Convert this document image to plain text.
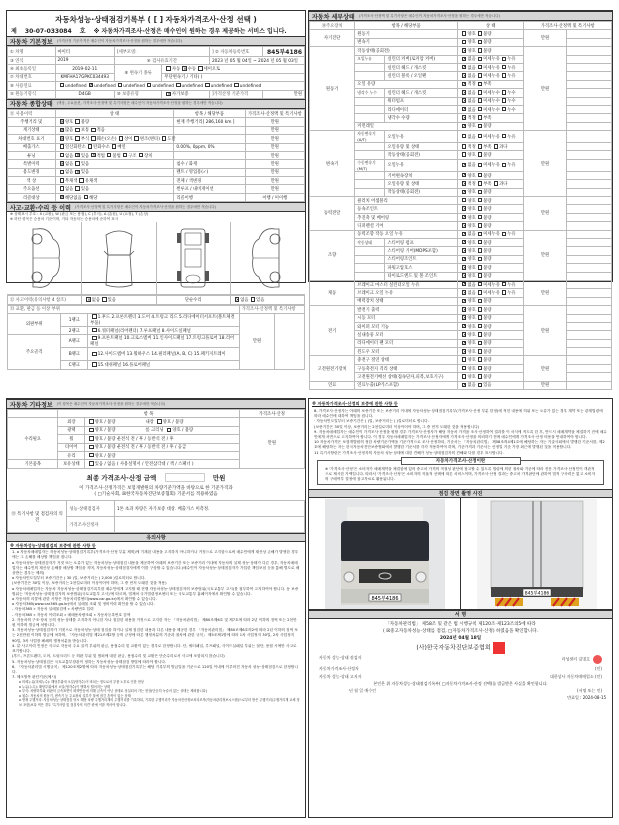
자동차성능·상태점검기록부 ( [ ] 자동차가격조사·산정 선택 )
제 30-07-033084 호 ※ 자동차가격조사·산정은 매수인이 원하는 경우 제공하는 서비스 입니다.
자동차 기본정보 (가격산정 기준가격은 매수인이 자동차가격조사·산정을 원하는 경우에만 적습니다)
① 차명	마이티	[세부모델:		] ② 자동차등록번호	845부4186
③ 연식	2019	⑥ 검사유효기간		2023 년 05 월 04일 ~ 2024 년 05 월 03일	
④ 최초등록일	2019-02-11	⑧ 변속기 종류	자동 ✕ 수동 세미오토
⑦ 차대번호	KMFHA17GPKC034493		무단변속기 / 기타( )		
⑨ 사용연료	undefined ✕ undefined undefined undefined undefined undefined undefined
⑤ 원동기형식	D4GB	⑩ 보증유형	✕자가보증	]가격산정 기준가격	만원
자동차 종합상태 (색상, 주요옵션, 가격조사·산정액 및 특기사항은 매수인이 자동차가격조사·산정을 원하는 경우에만 적습니다)
⑪ 사용이력	상 태	항목 / 해당부품	가격조사·산정액 및 특기사항
주행거리 및	✕양호 불량	현재 주행거리[ 286,160 km ]	만원
계기상태	✕많음 보통 적음		만원
차대번호 표기	✕양호 부식 훼손(오손) 상이 변조(변타) 도말		만원
배출가스	일산화탄소 탄화수소 매연	0.00%, 0ppm, 0%	만원
튜닝	없음 ✕ 있음 ✕ 적법 불법 구조 장치		만원
특별이력	✕없음 있음	침수 / 화재	만원
용도변경	없음 ✕ 있음	렌트 / 영업용(✓)	만원
색 상	무채색 유채색	전체 / 색변경	만원
주요옵션	없음 있음	썬루프 / 내비게이션	만원
리콜대상	✕해당없음 해당	리콜이행	이행 / 미이행
사고·교환·수리 등 이력 (가격조사·산정액 및 특기사항은 매수인이 자동차가격조사·산정을 원하는 경우에만 적습니다)
※ 상태표시 부호 : X (교환), W (판금 또는 용접), C (부식), A (흠집), U (요철), T (손상)
※ 하단 항목은 승용차 기준이며, 기타 자동차는 승용차에 준하여 표시
⑫ 사고이력(유의사항 4 참조)	✕없음 있음	단순수리	✕없음 있음
⑬ 교환, 판금 등 이상 부위			가격조사·산정액 및 특기사항	
외판부위	1랭크	1.후드 2.프론트펜더 3.도어 4.트렁크 리드 5.라디에이터서포트(볼트체결부품)	만원	
	2랭크	6.쿼터패널(리어펜더) 7.루프패널 8.사이드실패널		
주요골격	A랭크	9.프론트패널 10.크로스멤버 11.인사이드패널 17.트렁크플로어 18.리어패널		
	B랭크	12.사이드멤버 13.휠하우스 14.필러패널(A, B, C) 15.패키지트레이		
	C랭크	15.대쉬패널 16.플로어패널		
자동차 세부상태 (가격조사·산정액 및 특기사항은 매수인이 자동차가격조사·산정을 원하는 경우에만 적습니다)
⑭주요장치	항목 / 해당부품		상 태	가격조사·산정액 및 특기사항	
자기진단	원동기		양호 불량	만원	
	변속기		양호 불량		
원동기	작동상태(공회전)	✕양호 불량	만원	
	오일누유	실린더 커버(로커암 커버)	✕없음 미세누유 누유	
		실린더 헤드 / 개스킷	✕없음 미세누유 누유	
		실린더 블록 / 오일팬	✕없음 미세누유 누유	
	오일 유량	✕적정 부족	
	냉각수 누수	실린더 헤드 / 개스킷	✕없음 미세누수 누수	
		워터펌프	✕없음 미세누수 누수	
		라디에이터	✕없음 미세누수 누수	
		냉각수 수량	✕적정 부족	
	커먼레일	✕양호 불량	
변속기	자동변속기(A/T)	오일누유	없음 미세누유 누유	만원	
		오일유량 및 상태	적정 부족 과다		
		작동상태(공회전)	양호 불량		
	수동변속기(M/T)	오일누유	✕없음 미세누유 누유	
		기어변속장치	✕양호 불량	
		오일유량 및 상태	✕적정 부족 과다	
		작동상태(공회전)	✕양호 불량	
동력전달	클러치 어셈블리		양호 불량	만원	
	등속조인트	✕양호 불량	
	추진축 및 베어링	✕양호 불량	
	디퍼렌셜 기어	✕양호 불량	
조향	동력조향 작동 오일 누유	✕없음 미세누유 누유	만원	
	작동상태	스티어링 펌프	✕양호 불량	
		스티어링 기어(MDPS포함)	✕양호 불량	
		스티어링조인트	✕양호 불량	
		파워고압호스	✕양호 불량	
		타이로드엔드 및 볼 조인트	✕양호 불량	
제동	브레이크 마스터 실린더오일 누유	✕없음 미세누유 누유	만원	
	브레이크 오일 누유	✕없음 미세누유 누유	
	배력장치 상태	✕양호 불량	
전기	발전기 출력	✕양호 불량	만원	
	시동 모터	✕양호 불량	
	와이퍼 모터 기능	✕양호 불량	
	실내송풍 모터	✕양호 불량	
	라디에이터 팬 모터	✕양호 불량	
	윈도우 모터	✕양호 불량	
고전원전기장치	충전구 절연 상태		양호 불량	만원	
	구동축전지 격리 상태		양호 불량		
	고전원전기배선 상태(접속단자,피복,보호기구)		양호 불량		
연료	연료누출(LP가스포함)	✕없음 있음	만원	
자동차 기타정보 (이 항목은 매수인이 자동차가격조사·산정을 원하는 경우에만 적습니다)
	항 목		가격조사·산정
수리필요	외장	양호 / 불량 내장 양호 / 불량	만원
	광택	양호 / 불량 룸 크리닝 양호 / 불량	
	휠	양호 / 불량 운전석 전 / 후 / 동반석 전 / 후	
	타이어	양호 / 불량 운전석 전 / 후 / 동반석 전 / 후 / 응급	
	유리	양호 / 불량	
기본품목	보유상태	있음 / 없음 ( 사용설명서 / 안전삼각대 / 잭 / 스패너 )	
최종 가격조사·산정 금액	만원
이 가격조사·산정가격은 보험개발원의 차량기준가액을 바탕으로 한 기준가격과
( □기술사회, ☒한국자동차진단보증협회) 기준서를 적용하였음
⑮ 특기사항 및 점검자의 의견	성능·상태점검자	1톤 초과 차량은 자가보증 대상. 배출가스 미측정.
	가격조사산정자	
유의사항
※ 자동차성능·상태점검의 보증에 관한 사항 등
1. ο 자동차매매업자는 자동차성능·상태점검기록부(가격조사·산정 부분 제외)에 기재된 내용을 고지하지 아니하거나 거짓으로 고지함으로써 매수인에게 재산상 손해가 발생한 경우에는 그 손해를 배상할 책임을 집니다.
ο 자동차성능·상태점검자가 거짓 또는 오류가 있는 자동차성능·상태점검 내용을 제공하여 아래의 보증기간 또는 보증거리 이내에 자동차의 실제 성능·상태가 다른 경우, 자동차매매업자는 매수인의 재산상 손해를 배상할 책임을 지며, 자동차성능·상태점검자에게 이를 구상할 수 있습니다.(매수인이 자동차성능·상태점검자가 가입한 책임보험 등을 통해 별도로 배상받는 경우는 제외)
ο 자동차인도일부터 보증기간은 ( 30 )일, 보증거리는 ( 2,000 )킬로미터로 합니다.
(보증기간은 30일 이상, 보증거리는 2천킬로미터 이상이어야 하며, 그 중 먼저 도래한 것을 적용)
ο 자동차매매업자는 자동차 자동차성능·상태점검기록부를 매수인에게 고지할 때 현행 자동차성능·상태점검자의 보증범위(국토교통부 고시)를 첨부하여 고지하여야 합니다. 동 보증범위는 '자동차성능·상태점검자의 보증범위(국토교통부 고시)'에 따르며, 법제처 국가법령정보센터 또는 국토교통부 홈페이지에서 확인할 수 있습니다.
ο 자동차의 리콜에 관한 사항은 자동차리콜센터(www.car.go.kr)에서 확인할 수 있습니다.
ο 자동차365(www.car365.go.kr)에서 실매물 조회 및 정비이력 확인을 할 수 있습니다.
- 자동차365 » 자동차 실매물검색 » 차량번호 입력
- 자동차365 » 자동차 이력조회 » 매매용차량조회 » 자동차등록번호 검색
2. 자동차의 구조·장치 등의 성능·상태를 고지하지 아니한 자나 점검한 내용을 거짓으로 고지한 자는 「자동차관리법」 제80조제6호 및 제7호에 따라 2년 이하의 징역 또는 2천만원 이하의 벌금에 처합니다.
3. 자동차성능·상태점검자가 거짓으로 자동차성능·상태 점검을 하거나 실제 점검한 내용과 다른 내용을 제공한 경우 「자동차관리법」 제80조제6호의2에 따라 2년 이하의 징역 또는 2천만원 이하의 벌금에 처하며, 「자동차관리법 제21조제2항 등의 규정에 따른 행정처분의 기준과 절차에 관한 규칙」 제5조제1항에 따라 1차 사업정지 30일, 2차 사업정지 90일, 3차 사업장 폐쇄의 행정처분을 받습니다.
4. ⑫ 사고이력 인정은 사고로 자동차 주요 골격 부위의 판금, 용접수리 및 교환이 있는 경우로 한정합니다. 단, 쿼터패널, 루프패널, 사이드실패널 부위는 절단, 용접 시에만 사고로 표기합니다.
(후드, 프론트펜더, 도어, 트렁크리드 등 외판 부위 및 범퍼에 대한 판금, 용접수리 및 교환은 단순수리로서 사고에 포함되지 않습니다)
5. 자동차성능·상태점검은 국토교통부장관이 정하는 자동차성능·상태점검 방법에 따라야 합니다.
6. 「자동차관리법 시행규칙」 제120조제2항에 따라 자동차성능·상태점검기록부는 해당 기록부의 발급일을 기준으로 120일 이내에 이루어진 자동차 성능·상태점검으로 한정합니다.
7. 체크항목 판단기준(예시)
ο 미세누유(미세누수): 해당부위에 오일(냉각수)이 비치는 정도로서 부품 노후로 인한 현상
ο 누유(누수): 해당부위에서 오일(냉각수)이 맺혀서 떨어지는 상태
ο 부식: 차량하부와 외판의 금속표면이 화학반응에 의해 금속이 아닌 상태로 상실되어 가는 현상(단순히 녹슬어 있는 상태는 제외합니다)
ο 침수: 자동차의 원동기, 변속기 등 주요장치 일부가 물에 잠긴 흔적이 있는 상태
ο 현재 주행거리: 자동차성능·상태점검 당시 해당 차량 주행거리계의 주행거리를 기록하되, 기록한 주행거리가 자동차전산정보처리조직(자동차관리정보시스템)으로부터 받은 주행거리(주행거리계 교체 정보 포함)보다 적은 경우 '특기사항 및 점검자의 의견' 란에 이를 적어야 합니다.
※ 자동차가격조사·산정의 보증에 관한 사항 등
8. 가격조사·산정자는 아래의 보증기간 또는 보증거리 이내에 자동차성능·상태점검기록부(가격조사·산정 부분 한정)에 적힌 내용에 허위 또는 오류가 있는 경우 계약 또는 관계법령에 따라 매수인에 대하여 책임을 집니다.
· 자동차인도일부터 보증기간은 ( )일, 보증거리는 ( )킬로미터로 합니다.
(보증기간은 30일 이상, 보증거리는 2천킬로미터 이상이어야 하며, 그 중 먼저 도래한 것을 적용합니다)
9. 자동차매매업자는 매수인이 가격조사·산정을 원할 경우 가격조사·산정자가 해당 자동차 가격을 조사·산정하여 결과를 이 서식에 적도록 한 후, 반드시 매매계약을 체결하기 전에 매수인에게 서면으로 고지하여야 합니다. 이 경우 자동차매매업자는 가격조사·산정자에게 가격조사·산정을 의뢰하기 전에 매수인에게 가격조사·산정 비용을 안내하여야 합니다.
10 자동차가격은 보험개발원의 정한 차량기준가액을 기준가격으로 조사·산정하되, 기준서는 「자동차관리법」 제58조의4제1호에 해당하는 자는 기술사회에서 발행한 기준서를, 제2호에 해당하는 자는 한국자동차진단보증협회에서 발행한 기준서를 각각 적용하여야 하며, 기준가격과 기준서는 산정일 기준 가장 최근에 발행된 것을 적용합니다.
11 특기사항란은 가격조사·산정자의 자동차 성능·상태에 대한 견해가 성능·상태점검자의 견해와 다를 경우 표시합니다.
자동차가격조사·산정이란
※ '가격조사·산정'은 소비자가 매매계약을 체결함에 있어 중고차 가격의 적절성 판단에 참고할 수 있도록 법령에 의한 절차와 기준에 따라 전문 가격조사·산정인이 객관적으로 제시한 가액입니다. 따라서 '가격조사·산정'은 소비자의 자율적 선택에 따른 서비스이며, 가격조사·산정 결과는 중고차 가격판단에 관하여 법적 구속력은 없고 소비자의 구매여부 결정에 참고자료로 활용됩니다.
점검 장면 촬영 사진
845부4186
845부4186
서 명
「자동차관리법」 제58조 및 같은 법 시행규칙 제120조·제123조의5에 따라
( ☒중고자동차성능·상태를 점검, □자동차가격조사·산정) 하였음을 확인합니다.
2024년 04월 18일
(사)한국자동차진단보증협회
자동차 성능·상태 점검자	라성센터 김명호
자동차가격조사·산정자	(인)
자동차 성능·상태 고지자	대한상사 자동차매매업소 (인)
본인은 위 자동차성능·상태점검기록부( □자동차가격조사·산정 선택)를 발급받은 사실을 확인합니다.
년 월 일 매수인	(서명 또는 인)
만료일 : 2024-08-15
